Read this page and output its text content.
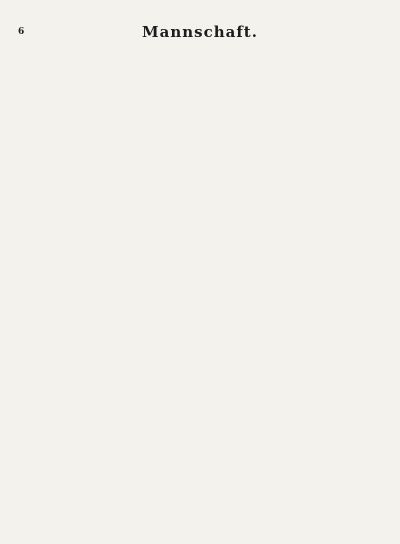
6	Mannschaft.
